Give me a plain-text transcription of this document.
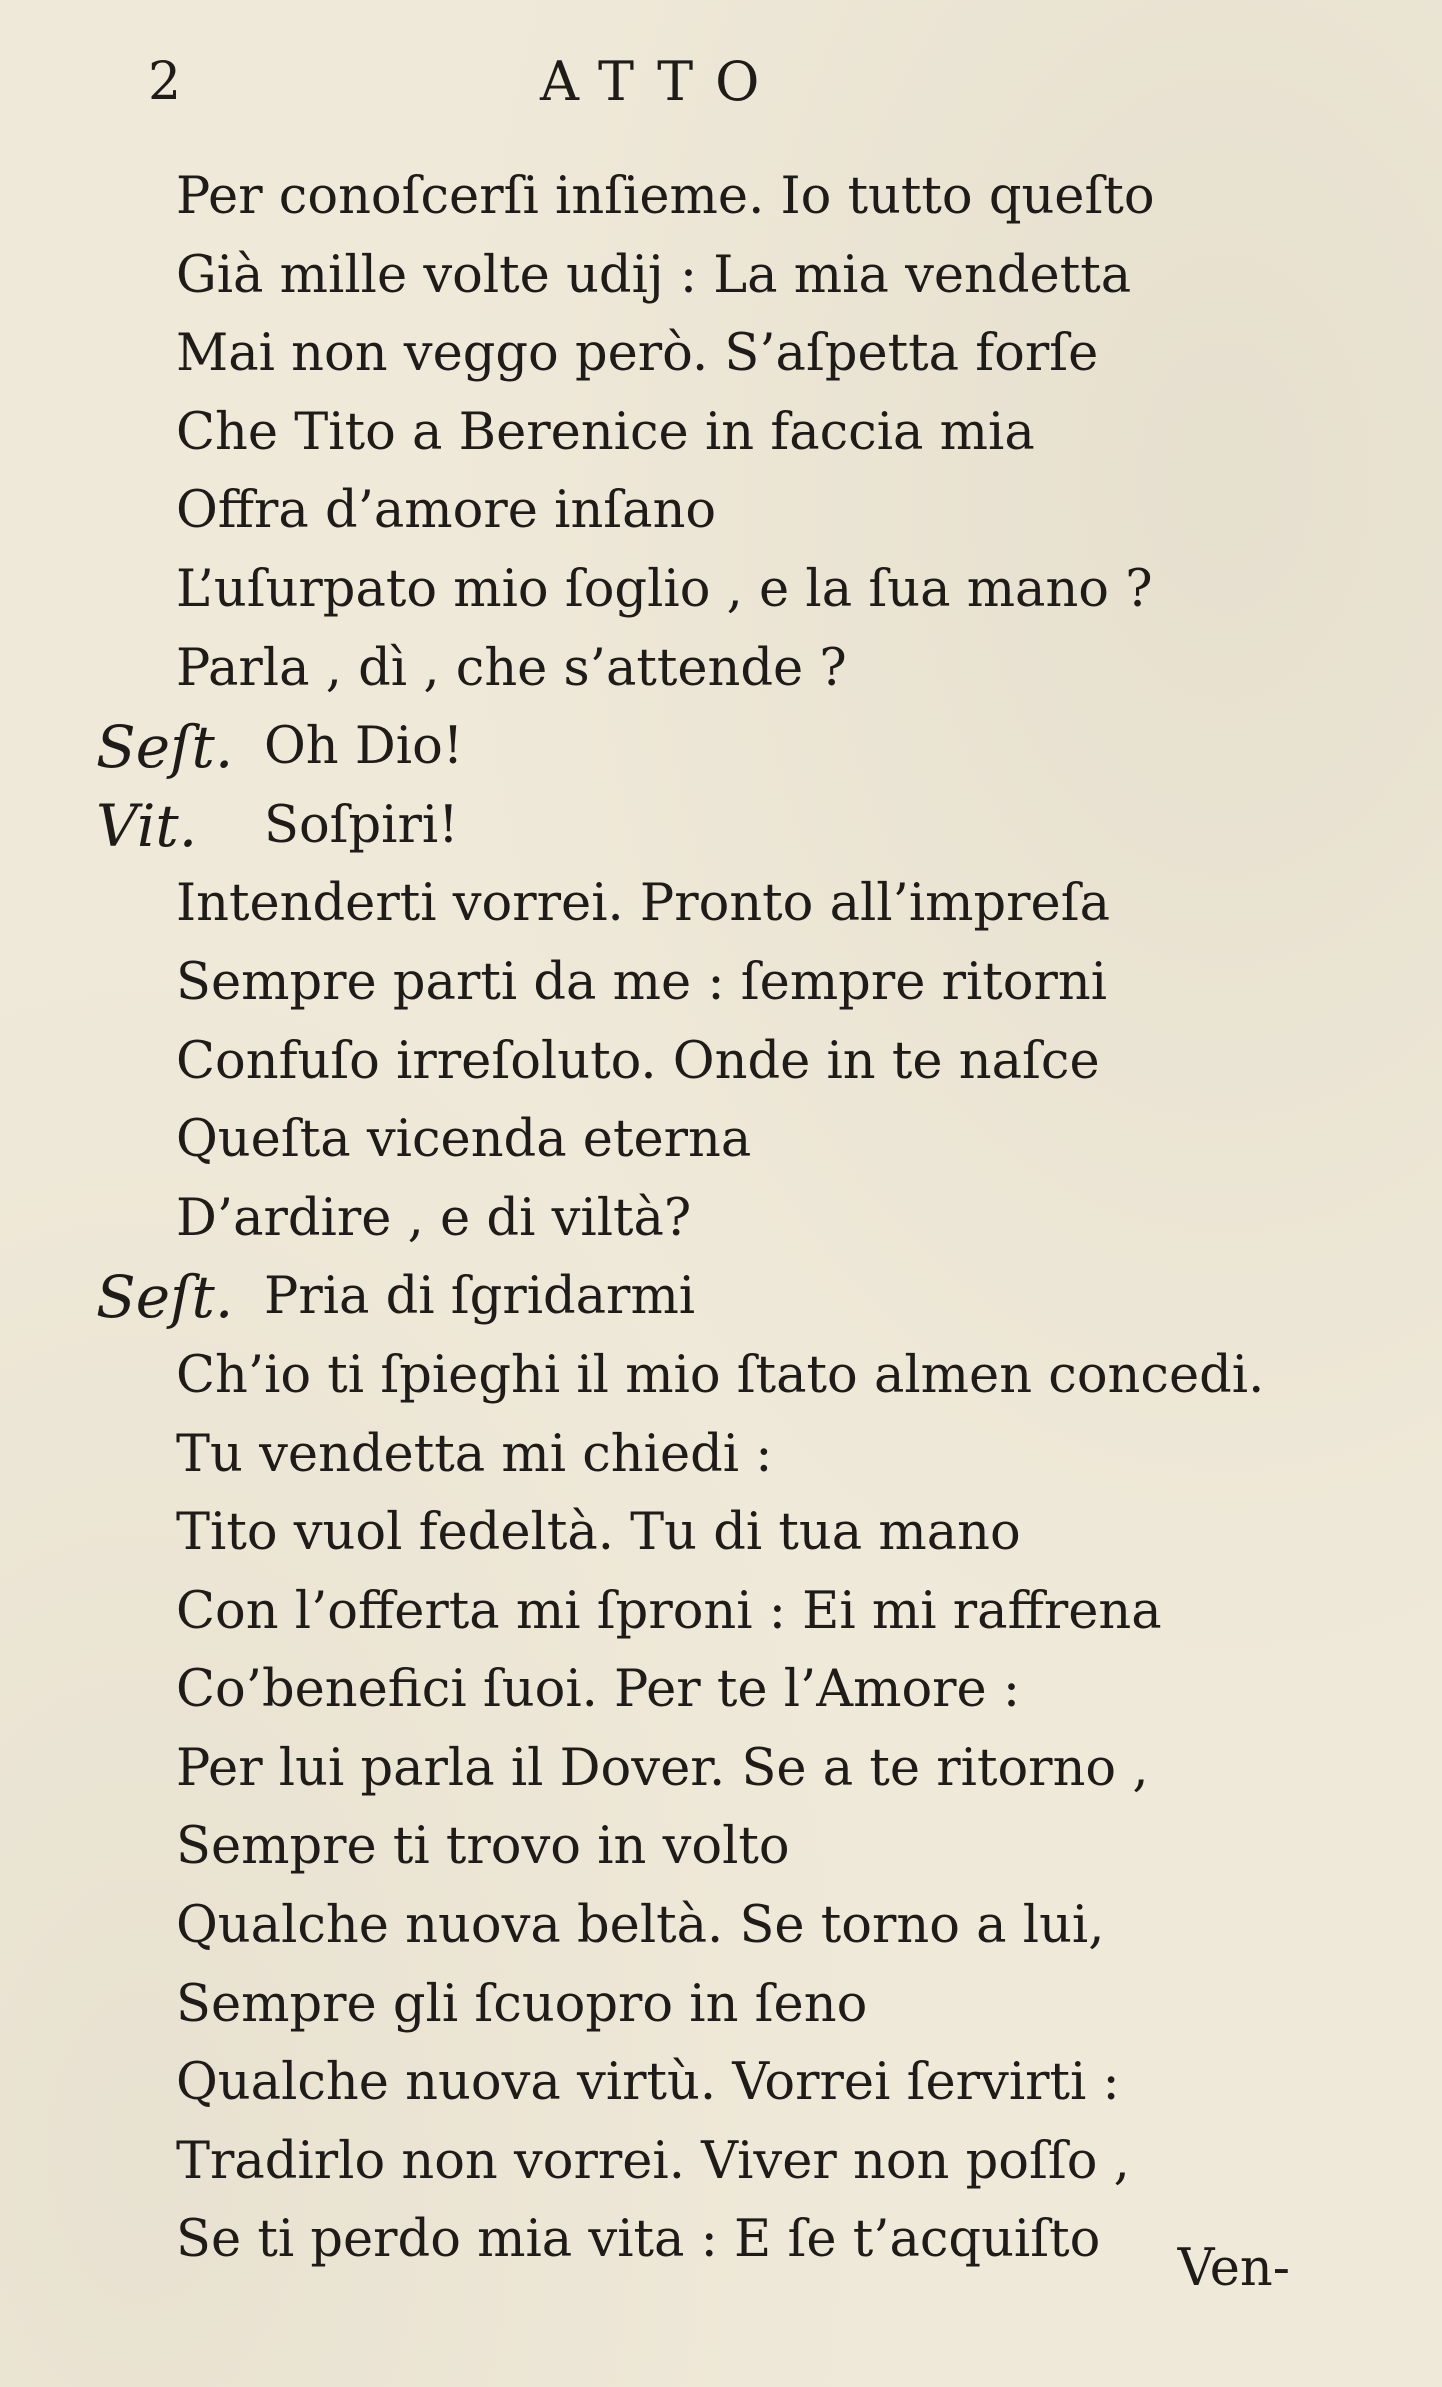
2	ATTO
Per conoſcerſi inſieme. Io tutto queſto
Già mille volte udij : La mia vendetta
Mai non veggo però. S’aſpetta forſe
Che Tito a Berenice in faccia mia
Offra d’amore inſano
L’uſurpato mio ſoglio , e la ſua mano ?
Parla , dì , che s’attende ?
Seſt. Oh Dio!
Vit. Soſpiri!
Intenderti vorrei. Pronto all’impreſa
Sempre parti da me : ſempre ritorni
Confuſo irreſoluto. Onde in te naſce
Queſta vicenda eterna
D’ardire , e di viltà?
Seſt. Pria di ſgridarmi
Ch’io ti ſpieghi il mio ſtato almen concedi.
Tu vendetta mi chiedi :
Tito vuol fedeltà. Tu di tua mano
Con l’offerta mi ſproni : Ei mi raffrena
Co’benefici ſuoi. Per te l’Amore :
Per lui parla il Dover. Se a te ritorno ,
Sempre ti trovo in volto
Qualche nuova beltà. Se torno a lui,
Sempre gli ſcuopro in ſeno
Qualche nuova virtù. Vorrei ſervirti :
Tradirlo non vorrei. Viver non poſſo ,
Se ti perdo mia vita : E ſe t’acquiſto Ven-
